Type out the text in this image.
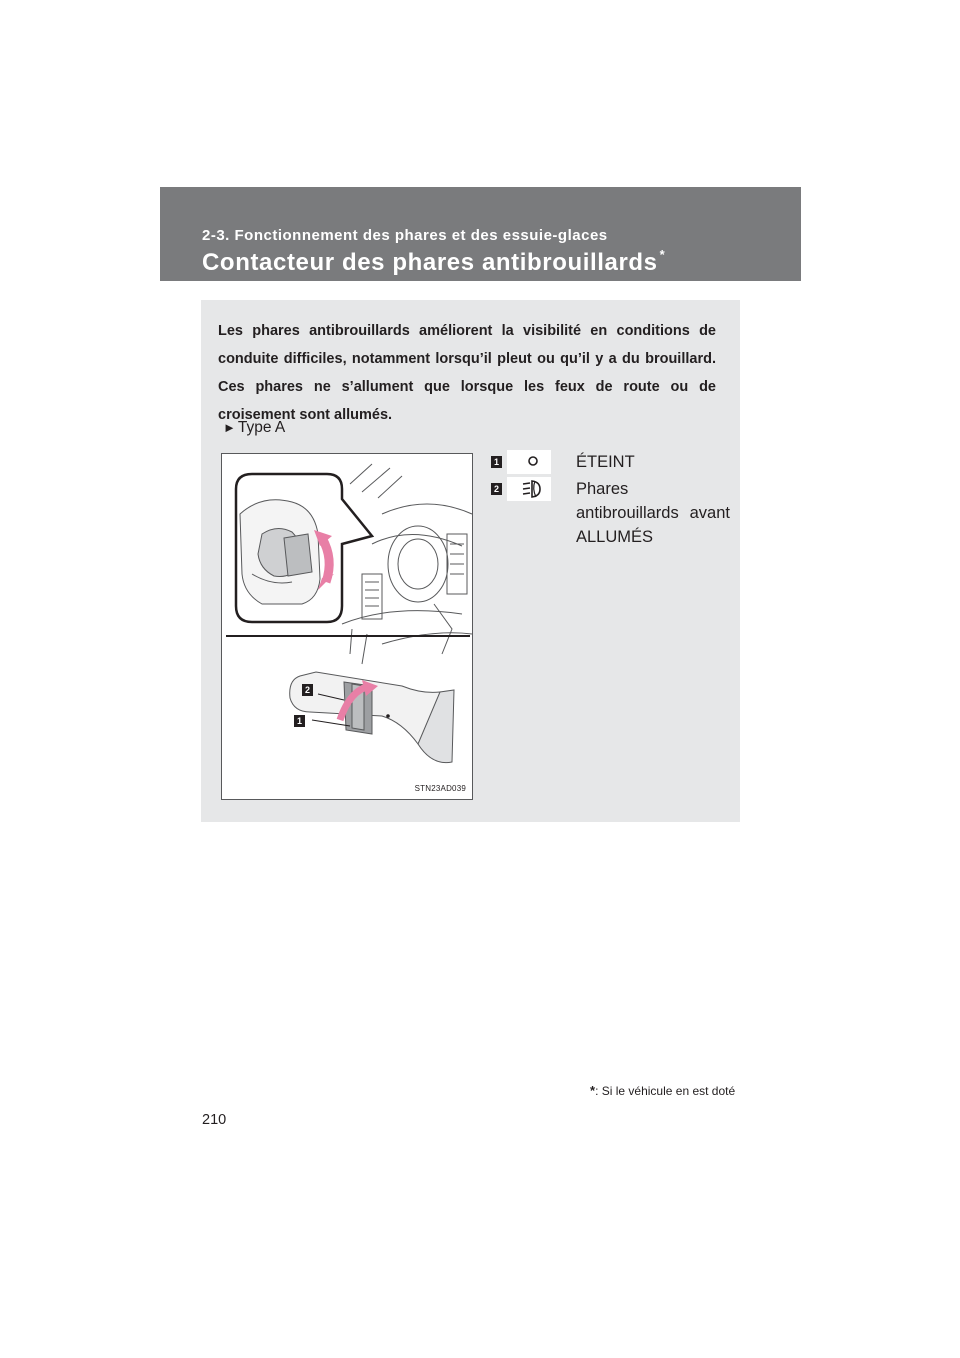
2-3. Fonctionnement des phares et des essuie-glaces

Contacteur des phares antibrouillards *

Les phares antibrouillards améliorent la visibilité en conditions de conduite difficiles, notamment lorsqu’il pleut ou qu’il y a du brouillard. Ces phares ne s’allument que lorsque les feux de route ou de croisement sont allumés.

► Type A
2
1
STN23AD039
1	ÉTEINT
2	Phares
antibrouillards avant
ALLUMÉS
*: Si le véhicule en est doté
210
